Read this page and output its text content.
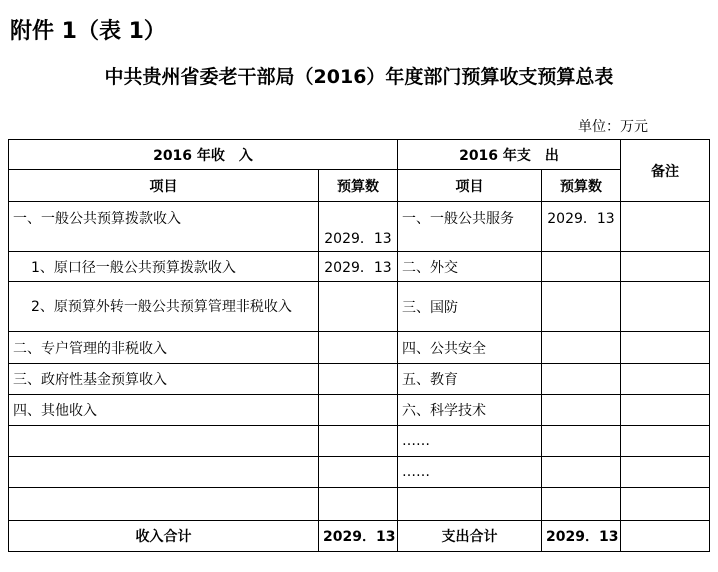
附件 1（表 1）
中共贵州省委老干部局（2016）年度部门预算收支预算总表
单位：万元
2016 年收　入		2016 年支　出		备注
项目	预算数	项目	预算数	
一、一般公共预算拨款收入	2029．13	一、一般公共服务	2029．13	
1、原口径一般公共预算拨款收入	2029．13	二、外交		
2、原预算外转一般公共预算管理非税收入		三、国防		
二、专户管理的非税收入		四、公共安全		
三、政府性基金预算收入		五、教育		
四、其他收入		六、科学技术		
		……		
		……		

收入合计	2029．13	支出合计	2029．13	
